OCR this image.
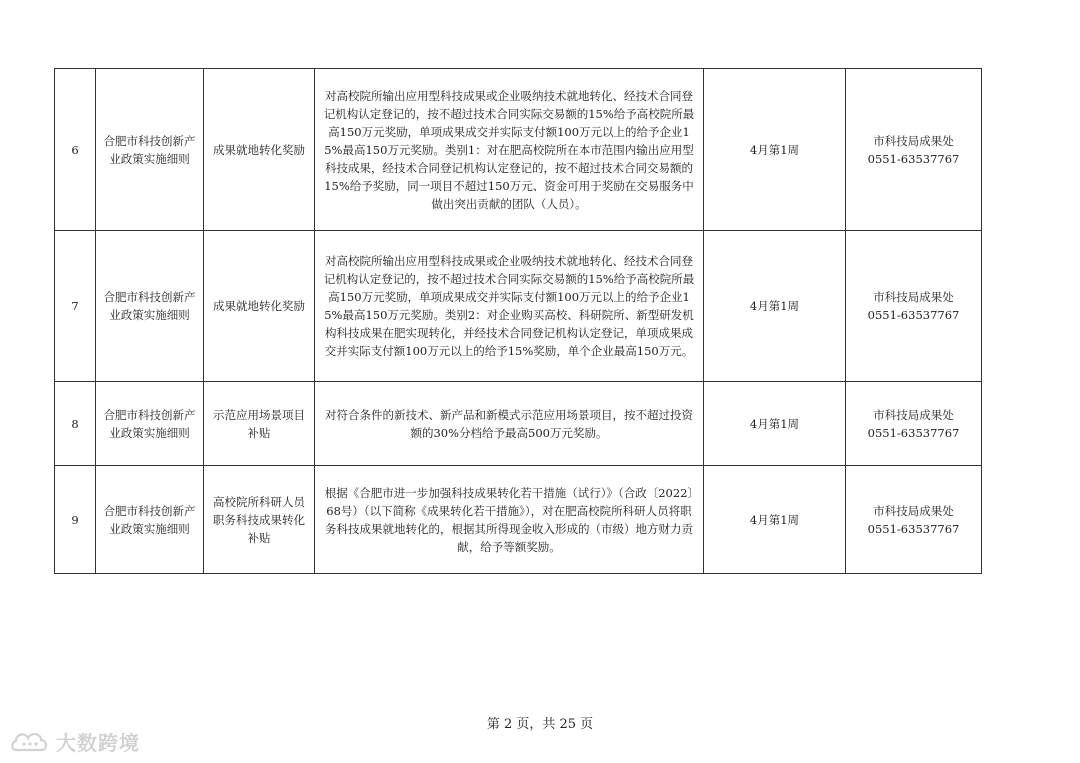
6	合肥市科技创新产业政策实施细则	成果就地转化奖励	对高校院所输出应用型科技成果或企业吸纳技术就地转化、经技术合同登记机构认定登记的，按不超过技术合同实际交易额的15%给予高校院所最高150万元奖励，单项成果成交并实际支付额100万元以上的给予企业15%最高150万元奖励。类别1：对在肥高校院所在本市范围内输出应用型科技成果，经技术合同登记机构认定登记的，按不超过技术合同交易额的15%给予奖励，同一项目不超过150万元、资金可用于奖励在交易服务中做出突出贡献的团队（人员）。	4月第1周	市科技局成果处
0551-63537767

7	合肥市科技创新产业政策实施细则	成果就地转化奖励	对高校院所输出应用型科技成果或企业吸纳技术就地转化、经技术合同登记机构认定登记的，按不超过技术合同实际交易额的15%给予高校院所最高150万元奖励，单项成果成交并实际支付额100万元以上的给予企业15%最高150万元奖励。类别2：对企业购买高校、科研院所、新型研发机构科技成果在肥实现转化，并经技术合同登记机构认定登记，单项成果成交并实际支付额100万元以上的给予15%奖励，单个企业最高150万元。	4月第1周	市科技局成果处
0551-63537767

8	合肥市科技创新产业政策实施细则	示范应用场景项目补贴	对符合条件的新技术、新产品和新模式示范应用场景项目，按不超过投资额的30%分档给予最高500万元奖励。	4月第1周	市科技局成果处
0551-63537767

9	合肥市科技创新产业政策实施细则	高校院所科研人员职务科技成果转化补贴	根据《合肥市进一步加强科技成果转化若干措施（试行）》（合政〔2022〕68号）（以下简称《成果转化若干措施》），对在肥高校院所科研人员将职务科技成果就地转化的，根据其所得现金收入形成的（市级）地方财力贡献，给予等额奖励。	4月第1周	市科技局成果处
0551-63537767
第 2 页，共 25 页
大数跨境
